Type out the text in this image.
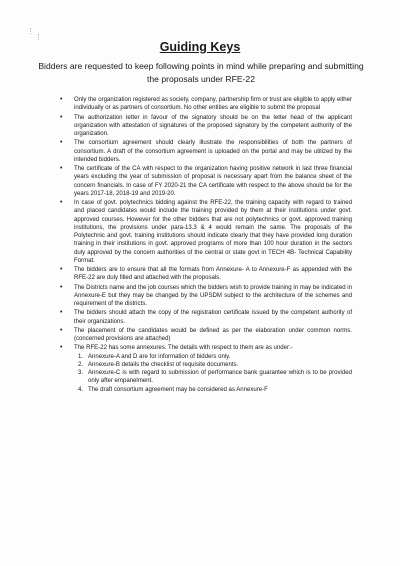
Guiding Keys
Bidders are requested to keep following points in mind while preparing and submitting the proposals under RFE-22
• Only the organization registered as society, company, partnership firm or trust are eligible to apply either individually or as partners of consortium. No other entities are eligible to submit the proposal
• The authorization letter in favour of the signatory should be on the letter head of the applicant organization with attestation of signatures of the proposed signatory by the competent authority of the organization.
• The consortium agreement should clearly illustrate the responsibilities of both the partners of consortium. A draft of the consortium agreement is uploaded on the portal and may be utilized by the intended bidders.
• The certificate of the CA with respect to the organization having positive network in last three financial years excluding the year of submission of proposal is necessary apart from the balance sheet of the concern financials. In case of FY 2020-21 the CA certificate with respect to the above should be for the years 2017-18, 2018-19 and 2019-20.
• In case of govt. polytechnics bidding against the RFE-22, the training capacity with regard to trained and placed candidates would include the training provided by them at their institutions under govt. approved courses. However for the other bidders that are not polytechnics or govt. approved training institutions, the provisions under para-13.3 & 4 would remain the same. The proposals of the Polytechnic and govt. training institutions should indicate clearly that they have provided long duration training in their institutions in govt. approved programs of more than 100 hour duration in the sectors duly approved by the concern authorities of the central or state govt in TECH 4B- Technical Capability Format.
• The bidders are to ensure that all the formats from Annexure- A to Annexure-F as appended with the RFE-22 are duly filled and attached with the proposals.
• The Districts name and the job courses which the bidders wish to provide training in may be indicated in Annexure-E but they may be changed by the UPSDM subject to the architecture of the schemes and requirement of the districts.
• The bidders should attach the copy of the registration certificate issued by the competent authority of their organizations.
• The placement of the candidates would be defined as per the elaboration under common norms. (concerned provisions are attached)
• The RFE-22 has some annexures. The details with respect to them are as under:-
1. Annexure-A and D are for information of bidders only.
2. Annexure-B details the checklist of requisite documents.
3. Annexure-C is with regard to submission of performance bank guarantee which is to be provided only after empanelment.
4. The draft consortium agreement may be considered as Annexure-F
